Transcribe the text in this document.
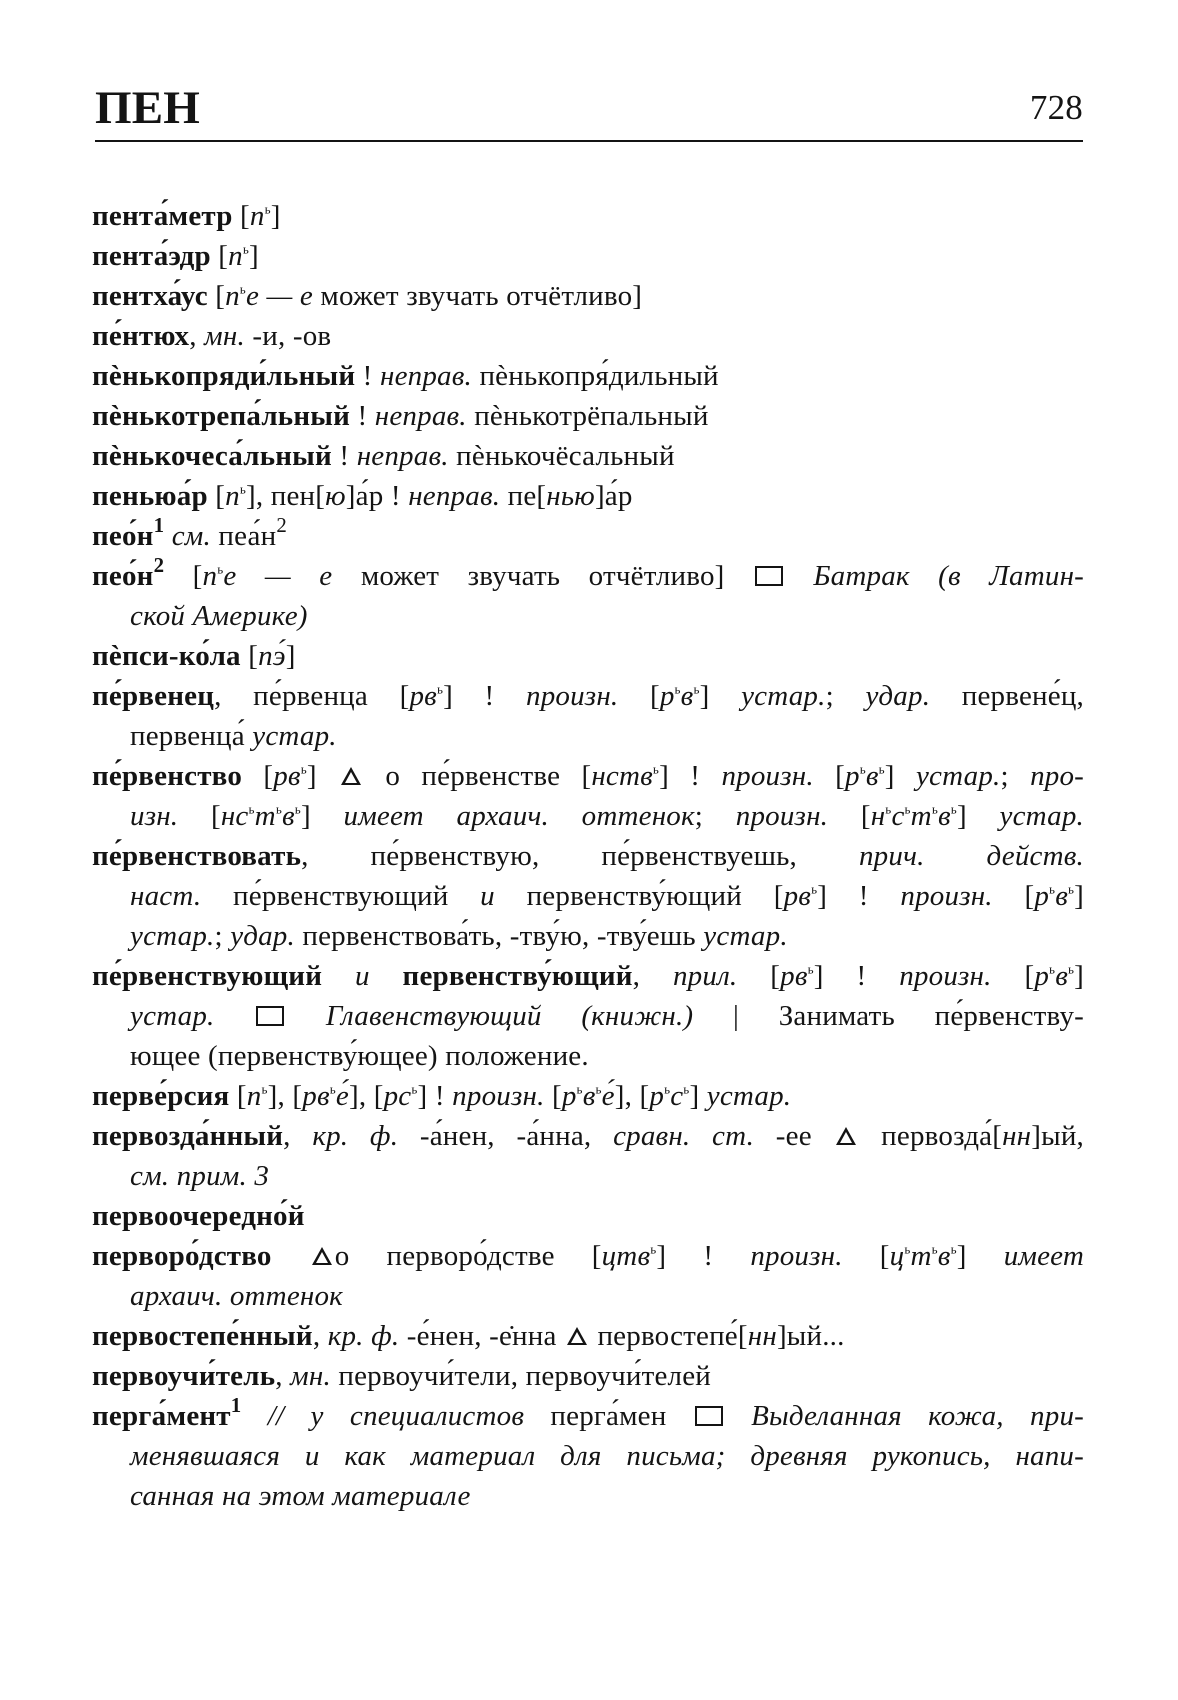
ПЕН	728
пента́метр $[п^ь]$
пента́эдр $[п^ь]$
пентха́ус [$п^ье$ — е может звучать отчётливо]
пе́нтюх, мн. -и, -ов
пѐнькопряди́льный ! неправ. пѐнькопря́дильный
пѐнькотрепа́льный ! неправ. пѐнькотрёпальный
пѐнькочеса́льный ! неправ. пѐнькочёсальный
пеньюа́р $[п^ь]$, пен[ю]а́р ! неправ. пе[нью]а́р
$пео́н^1$ см. $пеа́н^2$
$пео́н^2$ [$п^ье$ — е может звучать отчётливо]  Батрак (в Латин-
ской Америке)
пѐпси-ко́ла [пэ́]
пе́рвенец, пе́рвенца $[рв^ь]$ ! произн. $[р^ьв^ь]$ устар.; удар. первене́ц,
первенца́ устар.
пе́рвенство $[рв^ь]$  о пе́рвенстве [нств$^ь$] ! произн. $[р^ьв^ь]$ устар.; про-
изн. $[нс^ьт^ьв^ь]$ имеет архаич. оттенок; произн. $[н^ьс^ьт^ьв^ь]$ устар.
пе́рвенствовать, пе́рвенствую, пе́рвенствуешь, прич. действ.
наст. пе́рвенствующий и первенству́ющий $[рв^ь]$ ! произн. $[р^ьв^ь]$
устар.; удар. первенствова́ть, -тву́ю, -тву́ешь устар.
пе́рвенствующий и первенству́ющий, прил. $[рв^ь]$ ! произн. $[р^ьв^ь]$
устар.	Главенствующий (книжн.) | Занимать пе́рвенству-
ющее (первенству́ющее) положение.
перве́рсия $[п^ь]$, $[рв^ье́]$, $[рс^ь]$ ! произн. $[р^ьв^ье́]$, $[р^ьс^ь]$ устар.
первозда́нный, кр. ф. -а́нен, -а́нна, сравн. ст. -ее  первозда́[нн]ый,
см. прим. 3
первоочередно́й
перворо́дство о перворо́дстве [цтв$^ь$] ! произн. $[ц^ьт^ьв^ь]$ имеет
архаич. оттенок
первостепе́нный, кр. ф. -е́нен, -е̇нна  первостепе́[нн]ый...
первоучи́тель, мн. первоучи́тели, первоучи́телей
перга́мент$^1$ // у специалистов перга́мен  Выделанная кожа, при-
менявшаяся и как материал для письма; древняя рукопись, напи-
санная на этом материале
